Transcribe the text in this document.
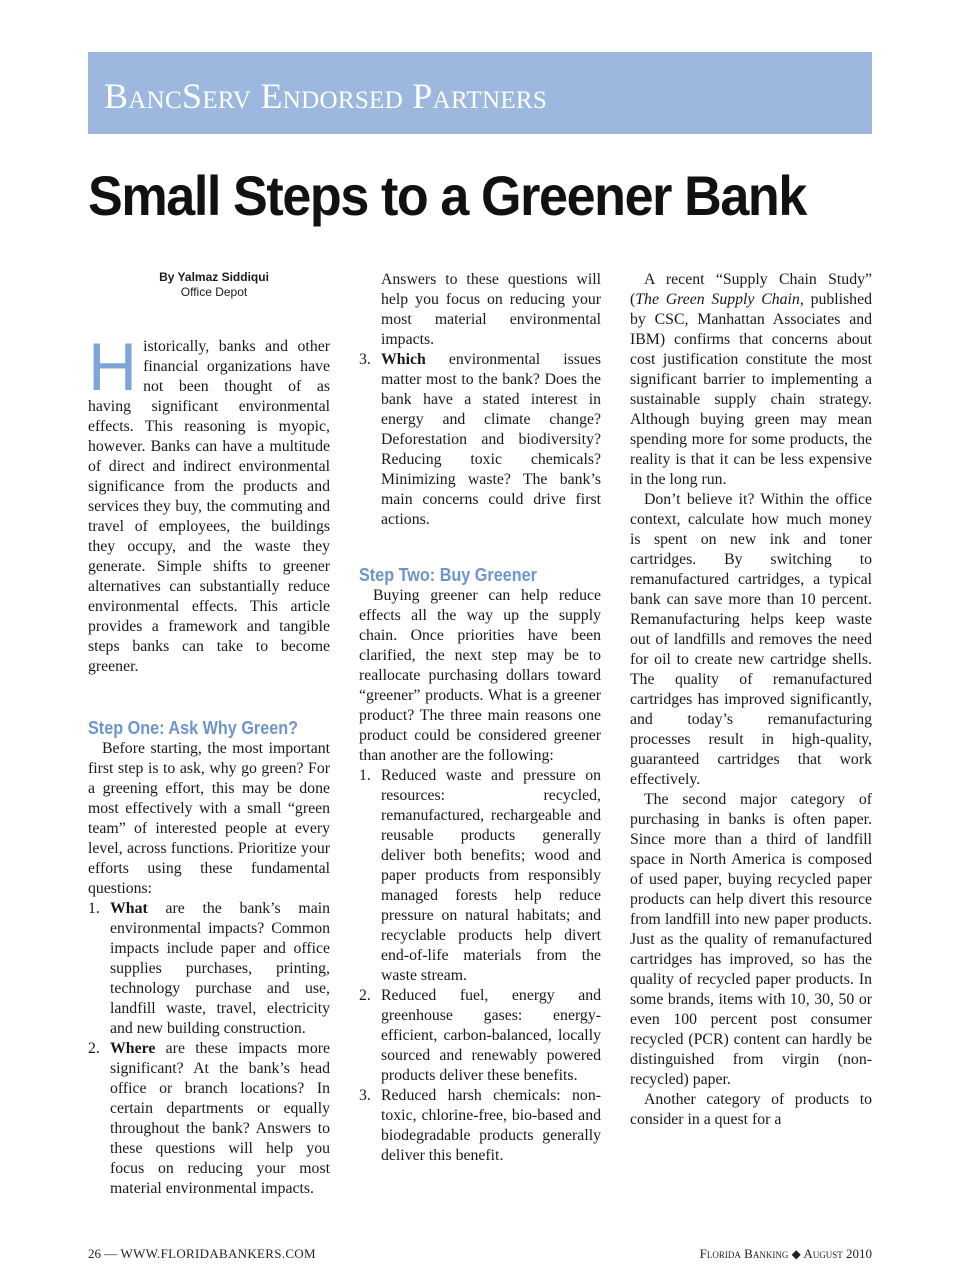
BancServ Endorsed Partners
Small Steps to a Greener Bank
By Yalmaz Siddiqui
Office Depot

Historically, banks and other financial organizations have not been thought of as having significant environmental effects. This reasoning is myopic, however. Banks can have a multitude of direct and indirect environmental significance from the products and services they buy, the commuting and travel of employees, the buildings they occupy, and the waste they generate. Simple shifts to greener alternatives can substantially reduce environmental effects. This article provides a framework and tangible steps banks can take to become greener.

Step One: Ask Why Green?

Before starting, the most important first step is to ask, why go green? For a greening effort, this may be done most effectively with a small “green team” of interested people at every level, across functions. Prioritize your efforts using these fundamental questions:

1. What are the bank’s main environmental impacts? Common impacts include paper and office supplies purchases, printing, technology purchase and use, landfill waste, travel, electricity and new building construction.
2. Where are these impacts more significant? At the bank’s head office or branch locations? In certain departments or equally throughout the bank? Answers to these questions will help you focus on reducing your most material environmental impacts.
Answers to these questions will help you focus on reducing your most material environmental impacts.
3. Which environmental issues matter most to the bank? Does the bank have a stated interest in energy and climate change? Deforestation and biodiversity? Reducing toxic chemicals? Minimizing waste? The bank’s main concerns could drive first actions.
Step Two: Buy Greener

Buying greener can help reduce effects all the way up the supply chain. Once priorities have been clarified, the next step may be to reallocate purchasing dollars toward “greener” products. What is a greener product? The three main reasons one product could be considered greener than another are the following:

1. Reduced waste and pressure on resources: recycled, remanufactured, rechargeable and reusable products generally deliver both benefits; wood and paper products from responsibly managed forests help reduce pressure on natural habitats; and recyclable products help divert end-of-life materials from the waste stream.
2. Reduced fuel, energy and greenhouse gases: energy-efficient, carbon-balanced, locally sourced and renewably powered products deliver these benefits.
3. Reduced harsh chemicals: non-toxic, chlorine-free, bio-based and biodegradable products generally deliver this benefit.

A recent “Supply Chain Study” (The Green Supply Chain, published by CSC, Manhattan Associates and IBM) confirms that concerns about cost justification constitute the most significant barrier to implementing a sustainable supply chain strategy. Although buying green may mean spending more for some products, the reality is that it can be less expensive in the long run.

Don’t believe it? Within the office context, calculate how much money is spent on new ink and toner cartridges. By switching to remanufactured cartridges, a typical bank can save more than 10 percent. Remanufacturing helps keep waste out of landfills and removes the need for oil to create new cartridge shells. The quality of remanufactured cartridges has improved significantly, and today’s remanufacturing processes result in high-quality, guaranteed cartridges that work effectively.

The second major category of purchasing in banks is often paper. Since more than a third of landfill space in North America is composed of used paper, buying recycled paper products can help divert this resource from landfill into new paper products. Just as the quality of remanufactured cartridges has improved, so has the quality of recycled paper products. In some brands, items with 10, 30, 50 or even 100 percent post consumer recycled (PCR) content can hardly be distinguished from virgin (non-recycled) paper.

Another category of products to consider in a quest for a

26 — WWW.FLORIDABANKERS.COM	Florida Banking ◆ August 2010
